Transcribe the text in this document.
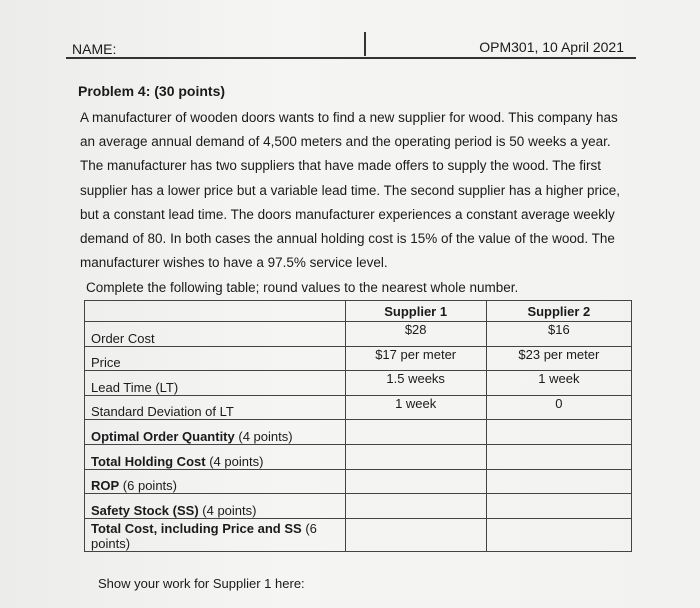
NAME:	OPM301, 10 April 2021
Problem 4: (30 points)

A manufacturer of wooden doors wants to find a new supplier for wood. This company has an average annual demand of 4,500 meters and the operating period is 50 weeks a year. The manufacturer has two suppliers that have made offers to supply the wood. The first supplier has a lower price but a variable lead time. The second supplier has a higher price, but a constant lead time. The doors manufacturer experiences a constant average weekly demand of 80. In both cases the annual holding cost is 15% of the value of the wood. The manufacturer wishes to have a 97.5% service level.

Complete the following table; round values to the nearest whole number.
	Supplier 1	Supplier 2
Order Cost	$28	$16
Price	$17 per meter	$23 per meter
Lead Time (LT)	1.5 weeks	1 week
Standard Deviation of LT	1 week	0
Optimal Order Quantity (4 points)		
Total Holding Cost (4 points)		
ROP (6 points)		
Safety Stock (SS) (4 points)		
Total Cost, including Price and SS (6 points)		
Show your work for Supplier 1 here:
